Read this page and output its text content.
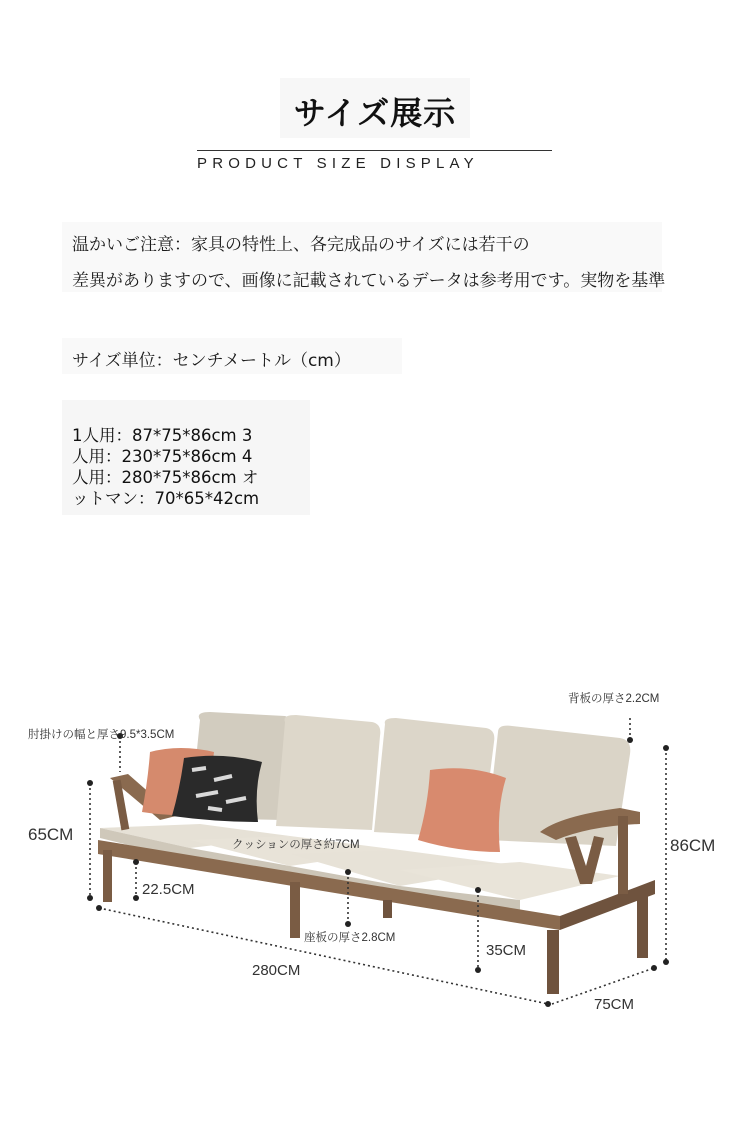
サイズ展示
PRODUCT SIZE DISPLAY
温かいご注意：家具の特性上、各完成品のサイズには若干の
差異がありますので、画像に記載されているデータは参考用です。実物を基準
サイズ単位：センチメートル（cm）
1人用：87*75*86cm 3
人用：230*75*86cm 4
人用：280*75*86cm オ
ットマン：70*65*42cm
肘掛けの幅と厚さ9.5*3.5CM
背板の厚さ2.2CM
クッションの厚さ約7CM
座板の厚さ2.8CM
65CM
86CM
22.5CM
35CM
280CM
75CM
